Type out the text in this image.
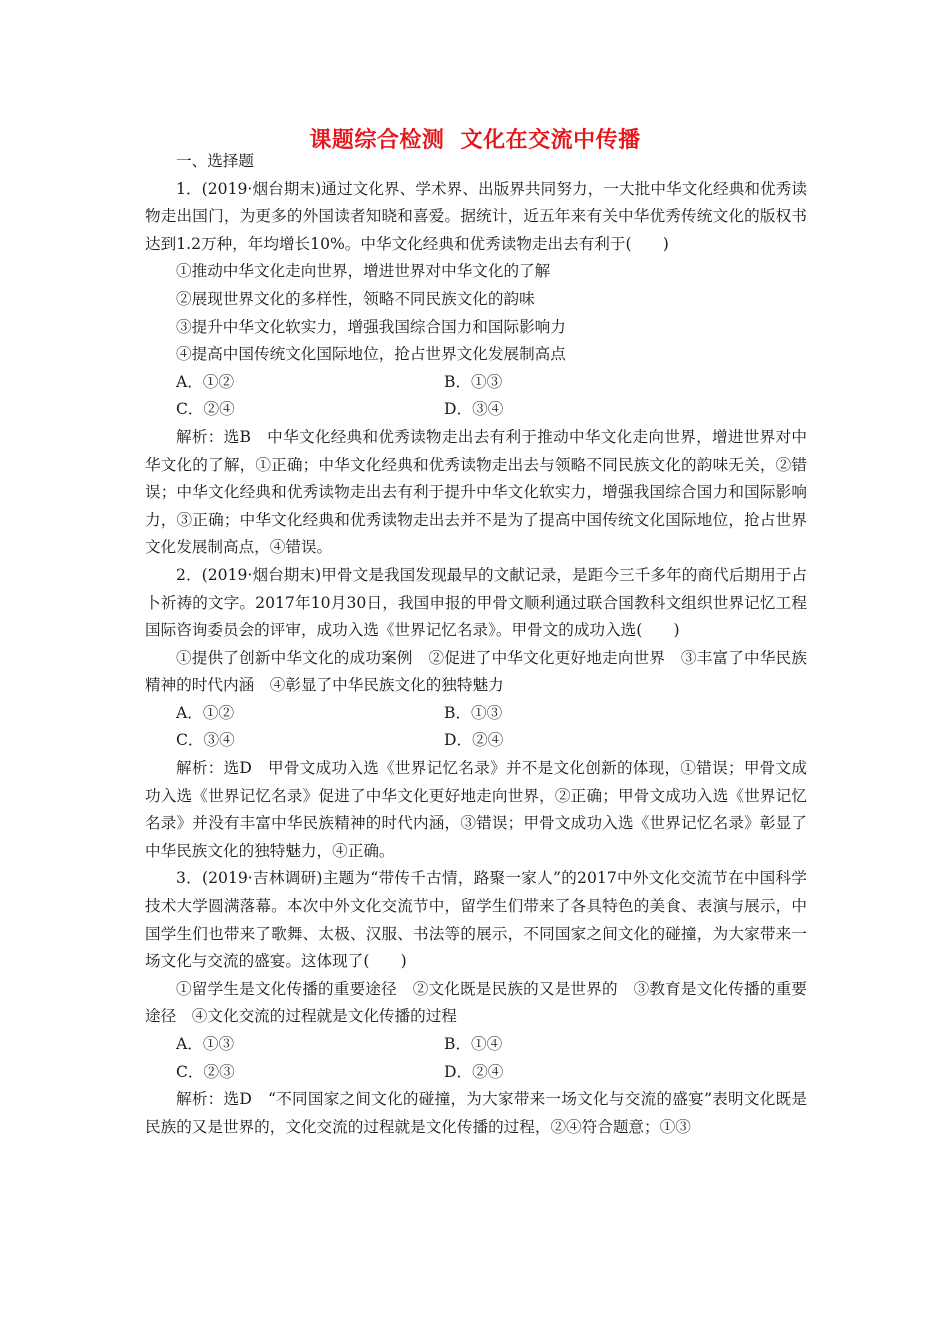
课题综合检测  文化在交流中传播

一、选择题

1．(2019·烟台期末)通过文化界、学术界、出版界共同努力，一大批中华文化经典和优秀读物走出国门，为更多的外国读者知晓和喜爱。据统计，近五年来有关中华优秀传统文化的版权书达到1.2万种，年均增长10%。中华文化经典和优秀读物走出去有利于(　　)

①推动中华文化走向世界，增进世界对中华文化的了解

②展现世界文化的多样性，领略不同民族文化的韵味

③提升中华文化软实力，增强我国综合国力和国际影响力

④提高中国传统文化国际地位，抢占世界文化发展制高点

A．①②	B．①③
C．②④	D．③④

解析：选B　中华文化经典和优秀读物走出去有利于推动中华文化走向世界，增进世界对中华文化的了解，①正确；中华文化经典和优秀读物走出去与领略不同民族文化的韵味无关，②错误；中华文化经典和优秀读物走出去有利于提升中华文化软实力，增强我国综合国力和国际影响力，③正确；中华文化经典和优秀读物走出去并不是为了提高中国传统文化国际地位，抢占世界文化发展制高点，④错误。

2．(2019·烟台期末)甲骨文是我国发现最早的文献记录，是距今三千多年的商代后期用于占卜祈祷的文字。2017年10月30日，我国申报的甲骨文顺利通过联合国教科文组织世界记忆工程国际咨询委员会的评审，成功入选《世界记忆名录》。甲骨文的成功入选(　　)

①提供了创新中华文化的成功案例　②促进了中华文化更好地走向世界　③丰富了中华民族精神的时代内涵　④彰显了中华民族文化的独特魅力

A．①②	B．①③
C．③④	D．②④

解析：选D　甲骨文成功入选《世界记忆名录》并不是文化创新的体现，①错误；甲骨文成功入选《世界记忆名录》促进了中华文化更好地走向世界，②正确；甲骨文成功入选《世界记忆名录》并没有丰富中华民族精神的时代内涵，③错误；甲骨文成功入选《世界记忆名录》彰显了中华民族文化的独特魅力，④正确。

3．(2019·吉林调研)主题为“带传千古情，路聚一家人”的2017中外文化交流节在中国科学技术大学圆满落幕。本次中外文化交流节中，留学生们带来了各具特色的美食、表演与展示，中国学生们也带来了歌舞、太极、汉服、书法等的展示，不同国家之间文化的碰撞，为大家带来一场文化与交流的盛宴。这体现了(　　)

①留学生是文化传播的重要途径　②文化既是民族的又是世界的　③教育是文化传播的重要途径　④文化交流的过程就是文化传播的过程

A．①③	B．①④
C．②③	D．②④

解析：选D　“不同国家之间文化的碰撞，为大家带来一场文化与交流的盛宴”表明文化既是民族的又是世界的，文化交流的过程就是文化传播的过程，②④符合题意；①③
